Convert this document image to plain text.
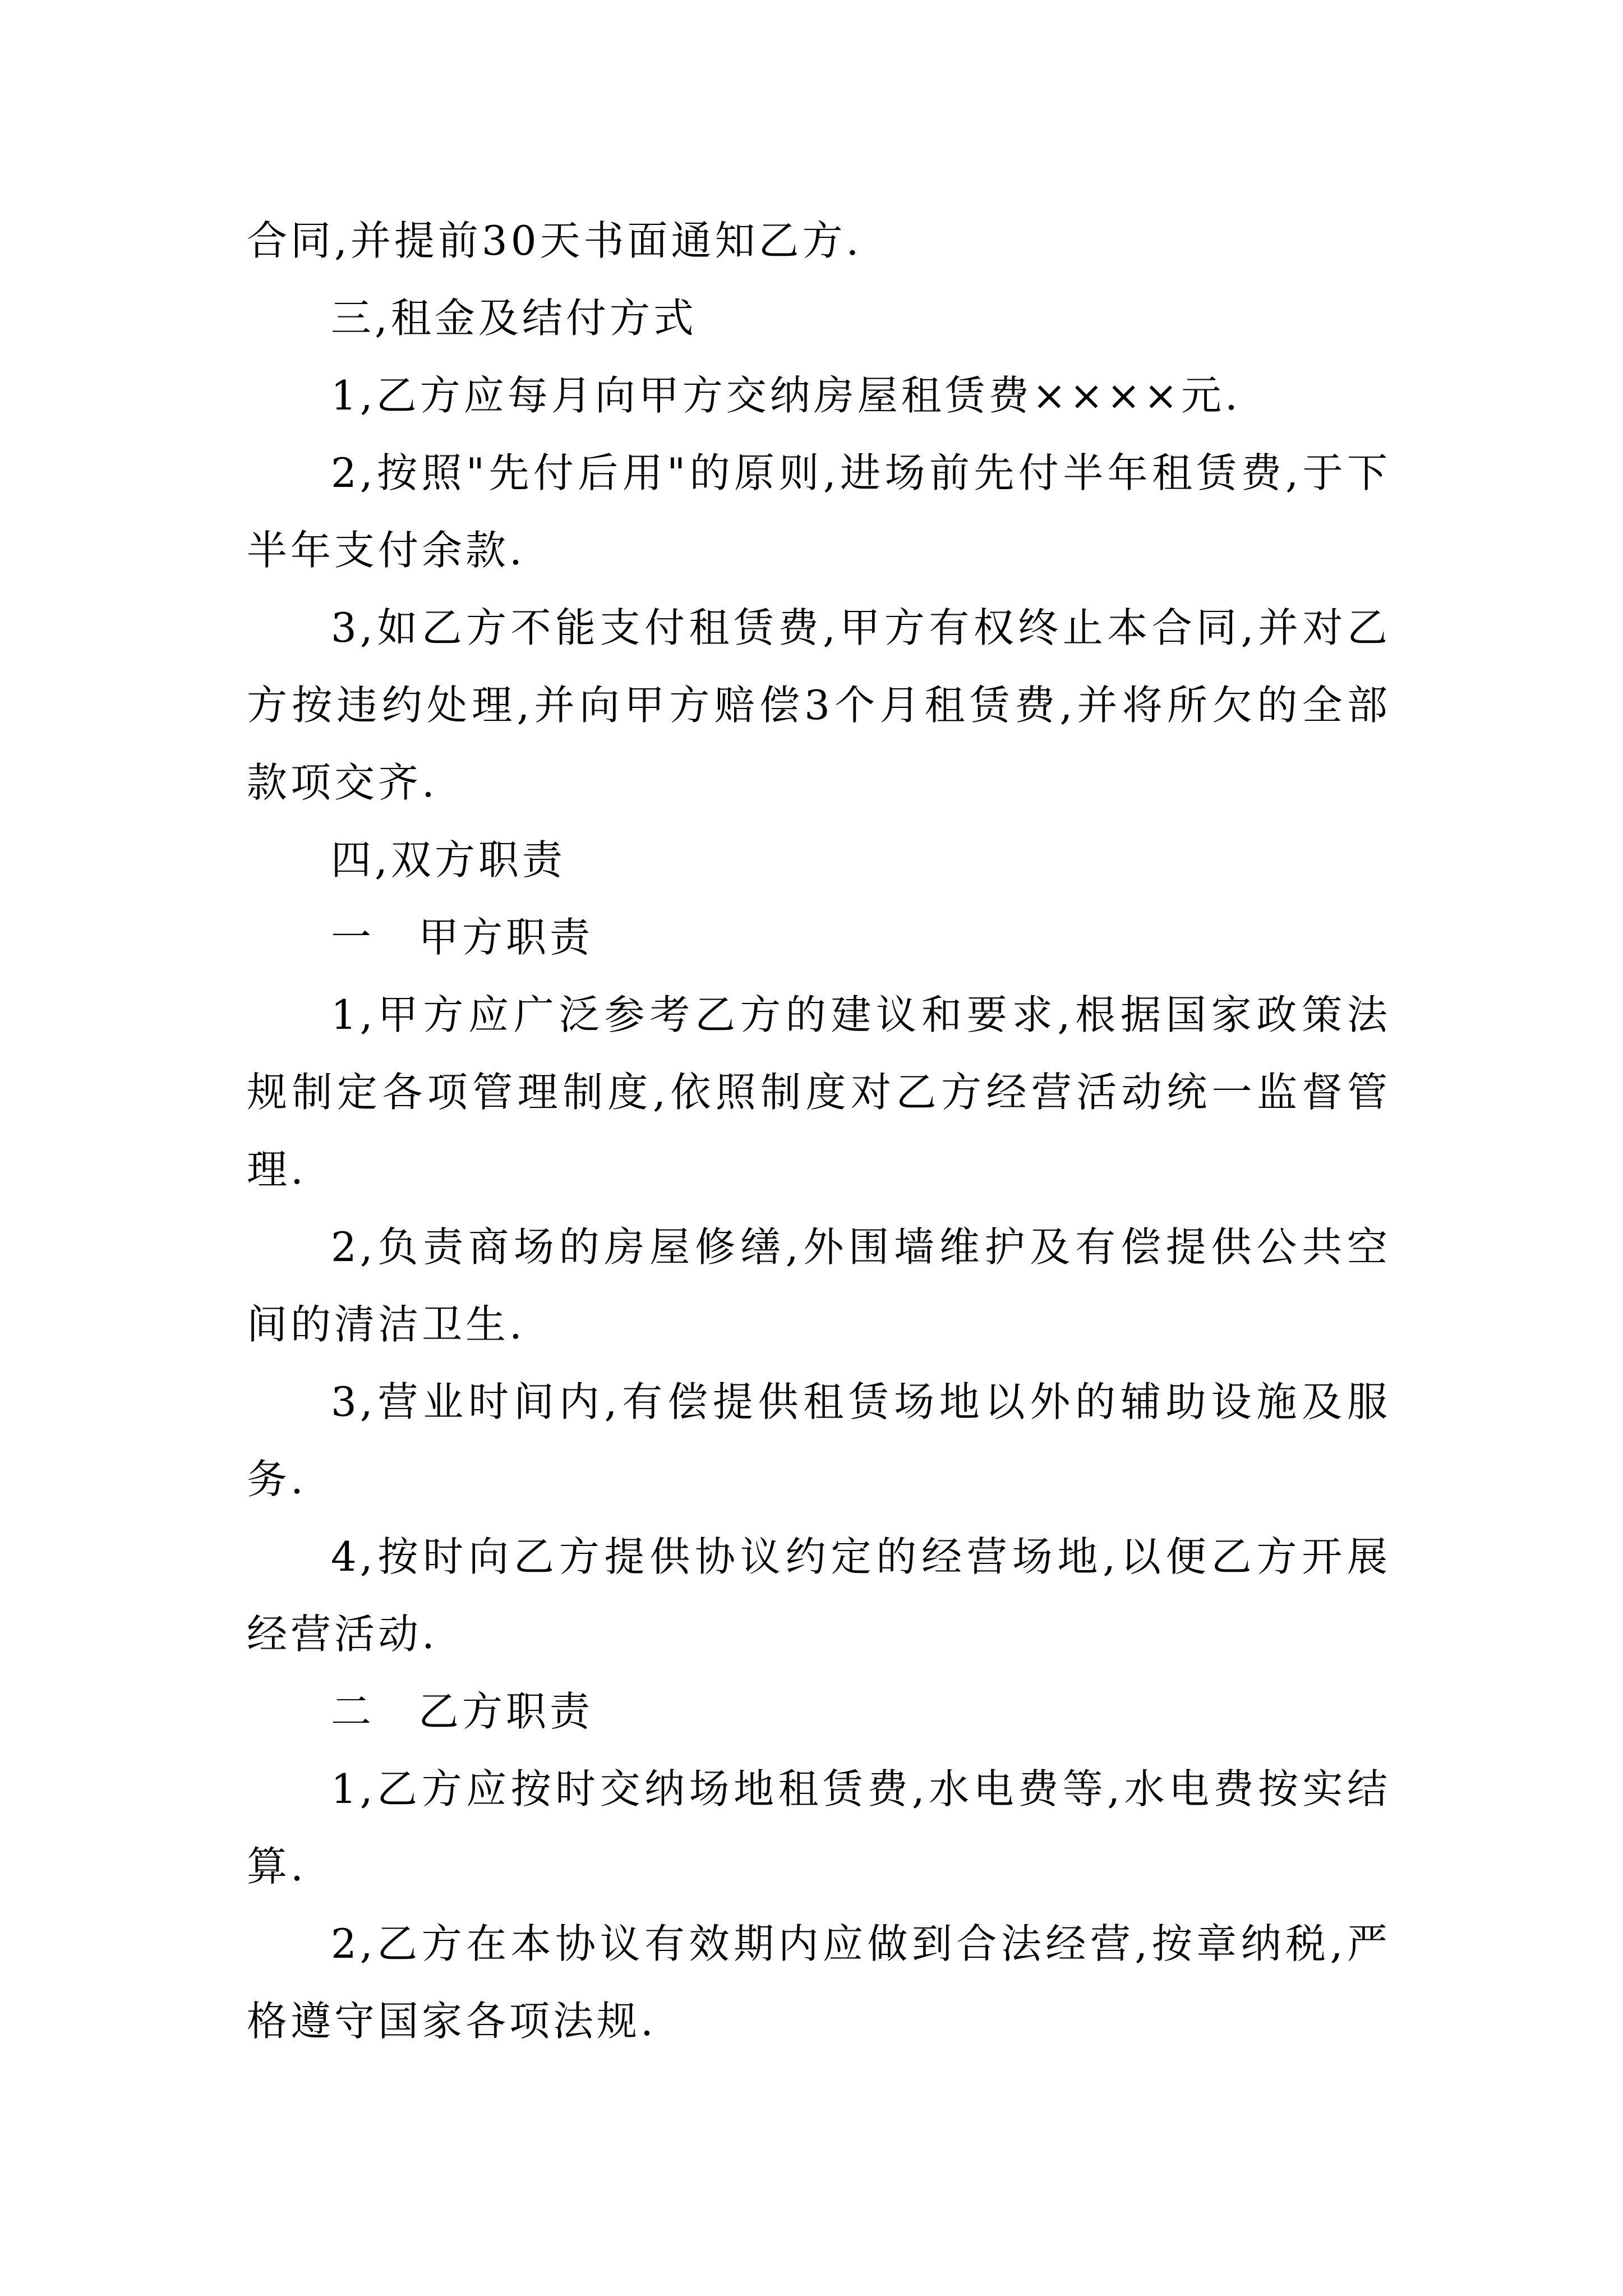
合同,并提前30天书面通知乙方.

三,租金及结付方式

1,乙方应每月向甲方交纳房屋租赁费××××元.

2,按照"先付后用"的原则,进场前先付半年租赁费,于下半年支付余款.

3,如乙方不能支付租赁费,甲方有权终止本合同,并对乙方按违约处理,并向甲方赔偿3个月租赁费,并将所欠的全部款项交齐.

四,双方职责

一　甲方职责

1,甲方应广泛参考乙方的建议和要求,根据国家政策法规制定各项管理制度,依照制度对乙方经营活动统一监督管理.

2,负责商场的房屋修缮,外围墙维护及有偿提供公共空间的清洁卫生.

3,营业时间内,有偿提供租赁场地以外的辅助设施及服务.

4,按时向乙方提供协议约定的经营场地,以便乙方开展经营活动.

二　乙方职责

1,乙方应按时交纳场地租赁费,水电费等,水电费按实结算.

2,乙方在本协议有效期内应做到合法经营,按章纳税,严格遵守国家各项法规.
